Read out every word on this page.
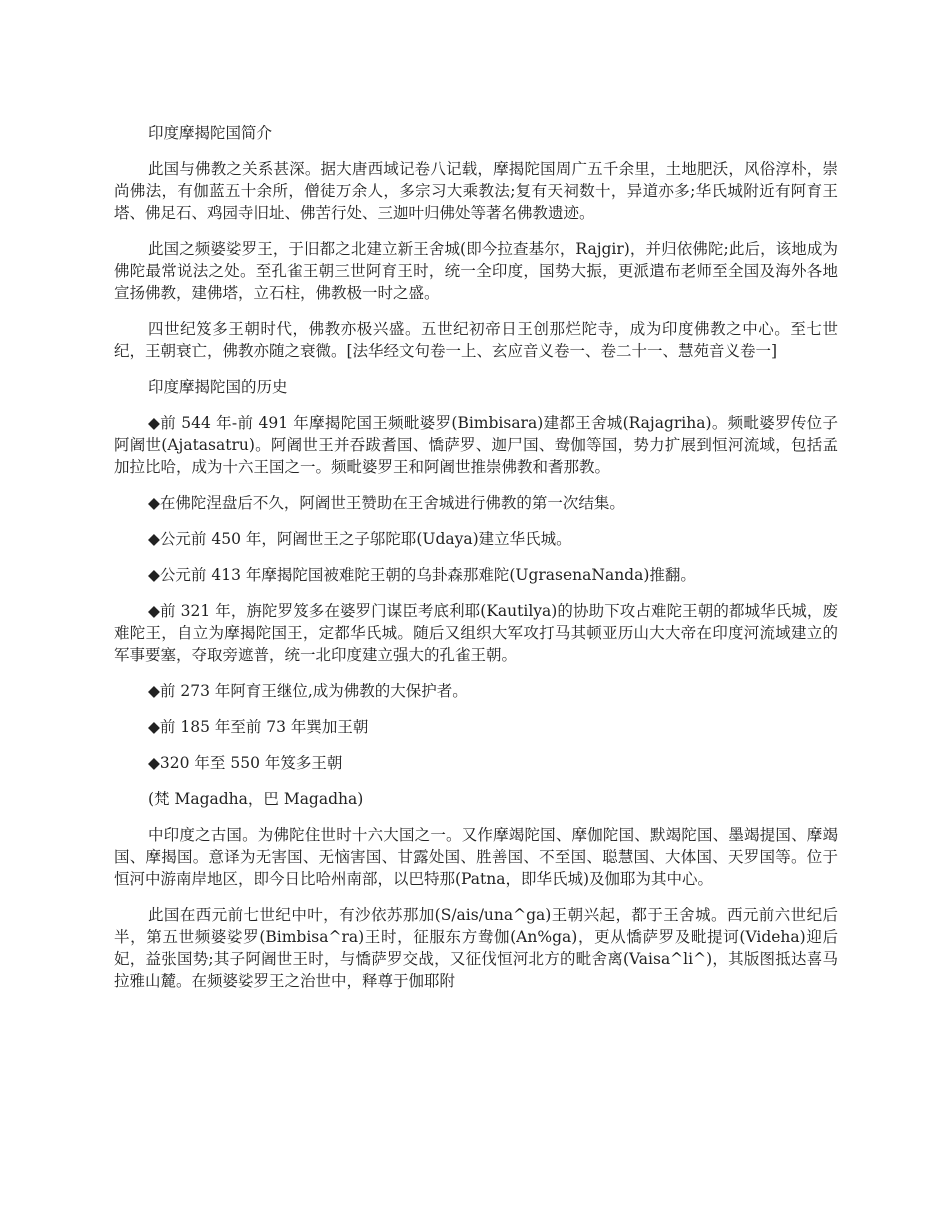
印度摩揭陀国简介

此国与佛教之关系甚深。据大唐西域记卷八记载，摩揭陀国周广五千余里，土地肥沃，风俗淳朴，崇尚佛法，有伽蓝五十余所，僧徒万余人，多宗习大乘教法;复有天祠数十，异道亦多;华氏城附近有阿育王塔、佛足石、鸡园寺旧址、佛苦行处、三迦叶归佛处等著名佛教遗迹。

此国之频婆娑罗王，于旧都之北建立新王舍城(即今拉查基尔，Rajgir)，并归依佛陀;此后，该地成为佛陀最常说法之处。至孔雀王朝三世阿育王时，统一全印度，国势大振，更派遣布老师至全国及海外各地宣扬佛教，建佛塔，立石柱，佛教极一时之盛。

四世纪笈多王朝时代，佛教亦极兴盛。五世纪初帝日王创那烂陀寺，成为印度佛教之中心。至七世纪，王朝衰亡，佛教亦随之衰微。[法华经文句卷一上、玄应音义卷一、卷二十一、慧苑音义卷一]

印度摩揭陀国的历史

◆前 544 年-前 491 年摩揭陀国王频毗婆罗(Bimbisara)建都王舍城(Rajagriha)。频毗婆罗传位子阿阇世(Ajatasatru)。阿阇世王并吞跋耆国、憍萨罗、迦尸国、鸯伽等国，势力扩展到恒河流域，包括孟加拉比哈，成为十六王国之一。频毗婆罗王和阿阇世推崇佛教和耆那教。

◆在佛陀涅盘后不久，阿阇世王赞助在王舍城进行佛教的第一次结集。

◆公元前 450 年，阿阇世王之子邬陀耶(Udaya)建立华氏城。

◆公元前 413 年摩揭陀国被难陀王朝的乌卦森那难陀(UgrasenaNanda)推翻。

◆前 321 年，旃陀罗笈多在婆罗门谋臣考底利耶(Kautilya)的协助下攻占难陀王朝的都城华氏城，废难陀王，自立为摩揭陀国王，定都华氏城。随后又组织大军攻打马其顿亚历山大大帝在印度河流域建立的军事要塞，夺取旁遮普，统一北印度建立强大的孔雀王朝。

◆前 273 年阿育王继位,成为佛教的大保护者。

◆前 185 年至前 73 年巽加王朝

◆320 年至 550 年笈多王朝

(梵 Magadha，巴 Magadha)

中印度之古国。为佛陀住世时十六大国之一。又作摩竭陀国、摩伽陀国、默竭陀国、墨竭提国、摩竭国、摩揭国。意译为无害国、无恼害国、甘露处国、胜善国、不至国、聪慧国、大体国、天罗国等。位于恒河中游南岸地区，即今日比哈州南部，以巴特那(Patna，即华氏城)及伽耶为其中心。

此国在西元前七世纪中叶，有沙依苏那加(S/ais/una^ga)王朝兴起，都于王舍城。西元前六世纪后半，第五世频婆娑罗(Bimbisa^ra)王时，征服东方鸯伽(An%ga)，更从憍萨罗及毗提诃(Videha)迎后妃，益张国势;其子阿阇世王时，与憍萨罗交战，又征伐恒河北方的毗舍离(Vaisa^li^)，其版图抵达喜马拉雅山麓。在频婆娑罗王之治世中，释尊于伽耶附
